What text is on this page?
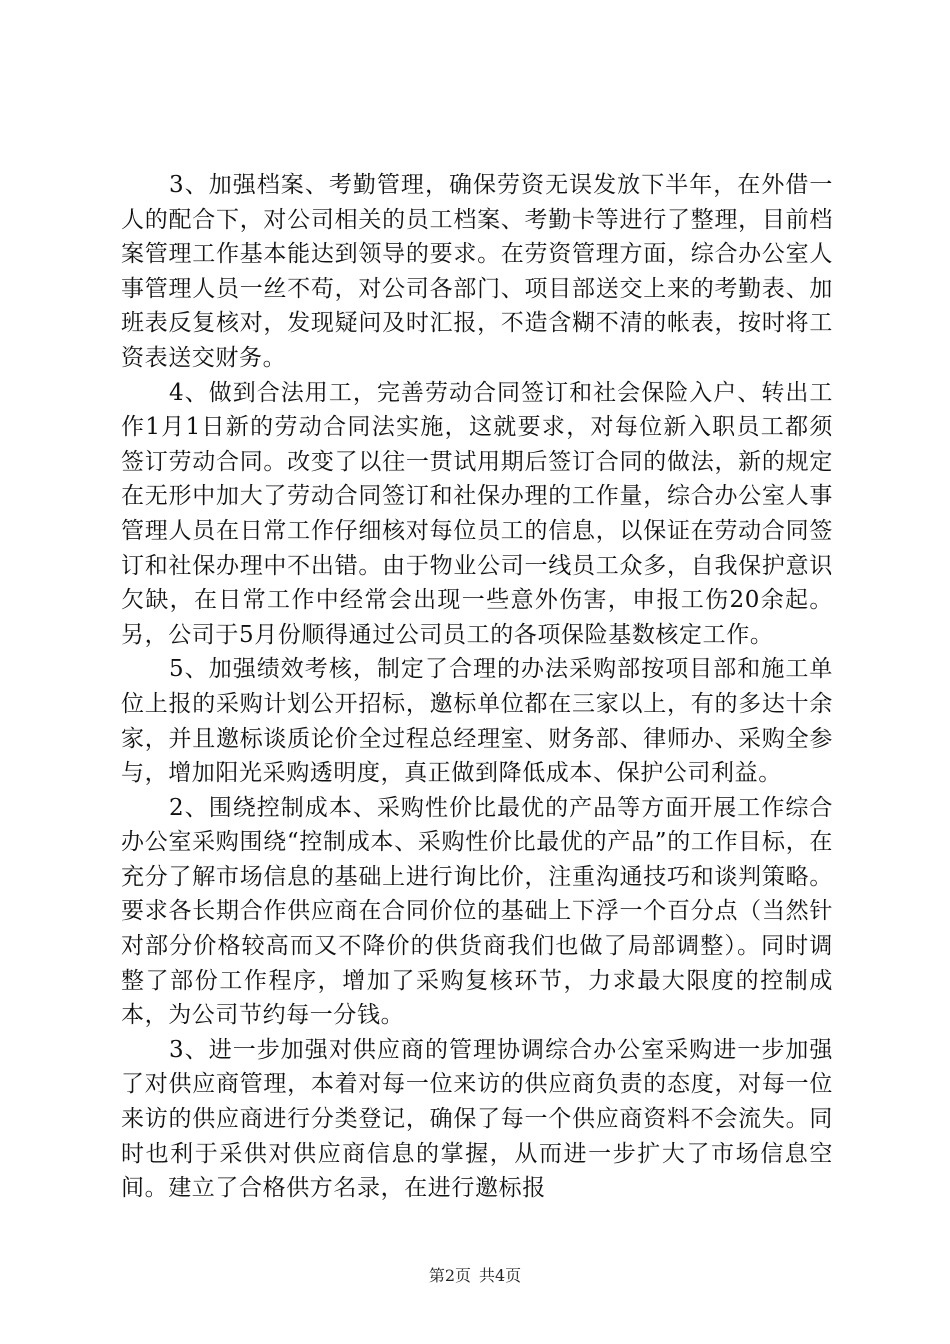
3、加强档案、考勤管理，确保劳资无误发放下半年，在外借一人的配合下，对公司相关的员工档案、考勤卡等进行了整理，目前档案管理工作基本能达到领导的要求。在劳资管理方面，综合办公室人事管理人员一丝不苟，对公司各部门、项目部送交上来的考勤表、加班表反复核对，发现疑问及时汇报，不造含糊不清的帐表，按时将工资表送交财务。

4、做到合法用工，完善劳动合同签订和社会保险入户、转出工作1月1日新的劳动合同法实施，这就要求，对每位新入职员工都须签订劳动合同。改变了以往一贯试用期后签订合同的做法，新的规定在无形中加大了劳动合同签订和社保办理的工作量，综合办公室人事管理人员在日常工作仔细核对每位员工的信息，以保证在劳动合同签订和社保办理中不出错。由于物业公司一线员工众多，自我保护意识欠缺，在日常工作中经常会出现一些意外伤害，申报工伤20余起。另，公司于5月份顺得通过公司员工的各项保险基数核定工作。

5、加强绩效考核，制定了合理的办法采购部按项目部和施工单位上报的采购计划公开招标，邀标单位都在三家以上，有的多达十余家，并且邀标谈质论价全过程总经理室、财务部、律师办、采购全参与，增加阳光采购透明度，真正做到降低成本、保护公司利益。

2、围绕控制成本、采购性价比最优的产品等方面开展工作综合办公室采购围绕“控制成本、采购性价比最优的产品”的工作目标，在充分了解市场信息的基础上进行询比价，注重沟通技巧和谈判策略。要求各长期合作供应商在合同价位的基础上下浮一个百分点（当然针对部分价格较高而又不降价的供货商我们也做了局部调整）。同时调整了部份工作程序，增加了采购复核环节，力求最大限度的控制成本，为公司节约每一分钱。

3、进一步加强对供应商的管理协调综合办公室采购进一步加强了对供应商管理，本着对每一位来访的供应商负责的态度，对每一位来访的供应商进行分类登记，确保了每一个供应商资料不会流失。同时也利于采供对供应商信息的掌握，从而进一步扩大了市场信息空间。建立了合格供方名录，在进行邀标报

第2页 共4页
